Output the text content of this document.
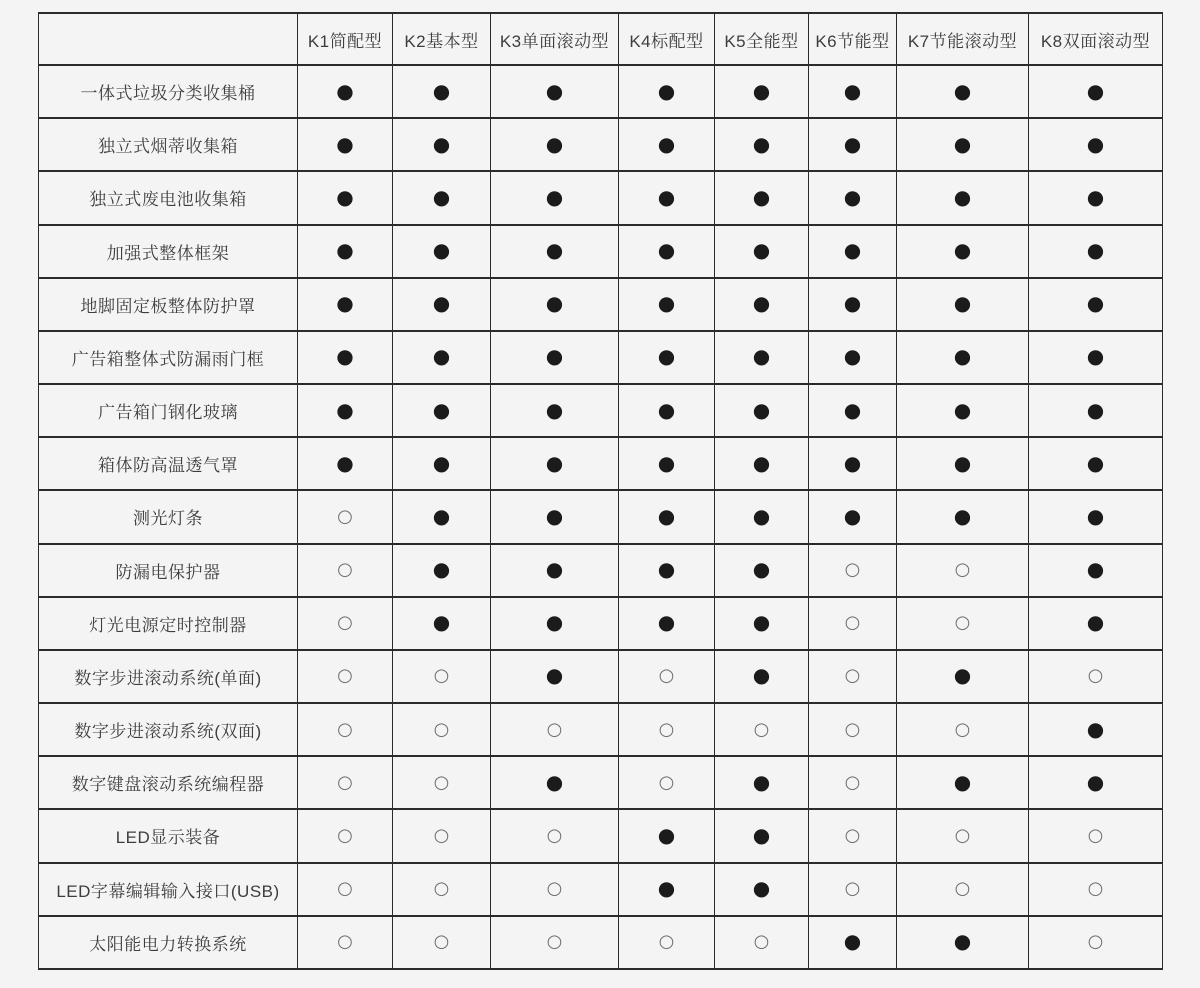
	K1简配型	K2基本型	K3单面滚动型	K4标配型	K5全能型	K6节能型	K7节能滚动型	K8双面滚动型
一体式垃圾分类收集桶	●	●	●	●	●	●	●	●
独立式烟蒂收集箱	●	●	●	●	●	●	●	●
独立式废电池收集箱	●	●	●	●	●	●	●	●
加强式整体框架	●	●	●	●	●	●	●	●
地脚固定板整体防护罩	●	●	●	●	●	●	●	●
广告箱整体式防漏雨门框	●	●	●	●	●	●	●	●
广告箱门钢化玻璃	●	●	●	●	●	●	●	●
箱体防高温透气罩	●	●	●	●	●	●	●	●
测光灯条	○	●	●	●	●	●	●	●
防漏电保护器	○	●	●	●	●	○	○	●
灯光电源定时控制器	○	●	●	●	●	○	○	●
数字步进滚动系统(单面)	○	○	●	○	●	○	●	○
数字步进滚动系统(双面)	○	○	○	○	○	○	○	●
数字键盘滚动系统编程器	○	○	●	○	●	○	●	●
LED显示装备	○	○	○	●	●	○	○	○
LED字幕编辑输入接口(USB)	○	○	○	●	●	○	○	○
太阳能电力转换系统	○	○	○	○	○	●	●	○
